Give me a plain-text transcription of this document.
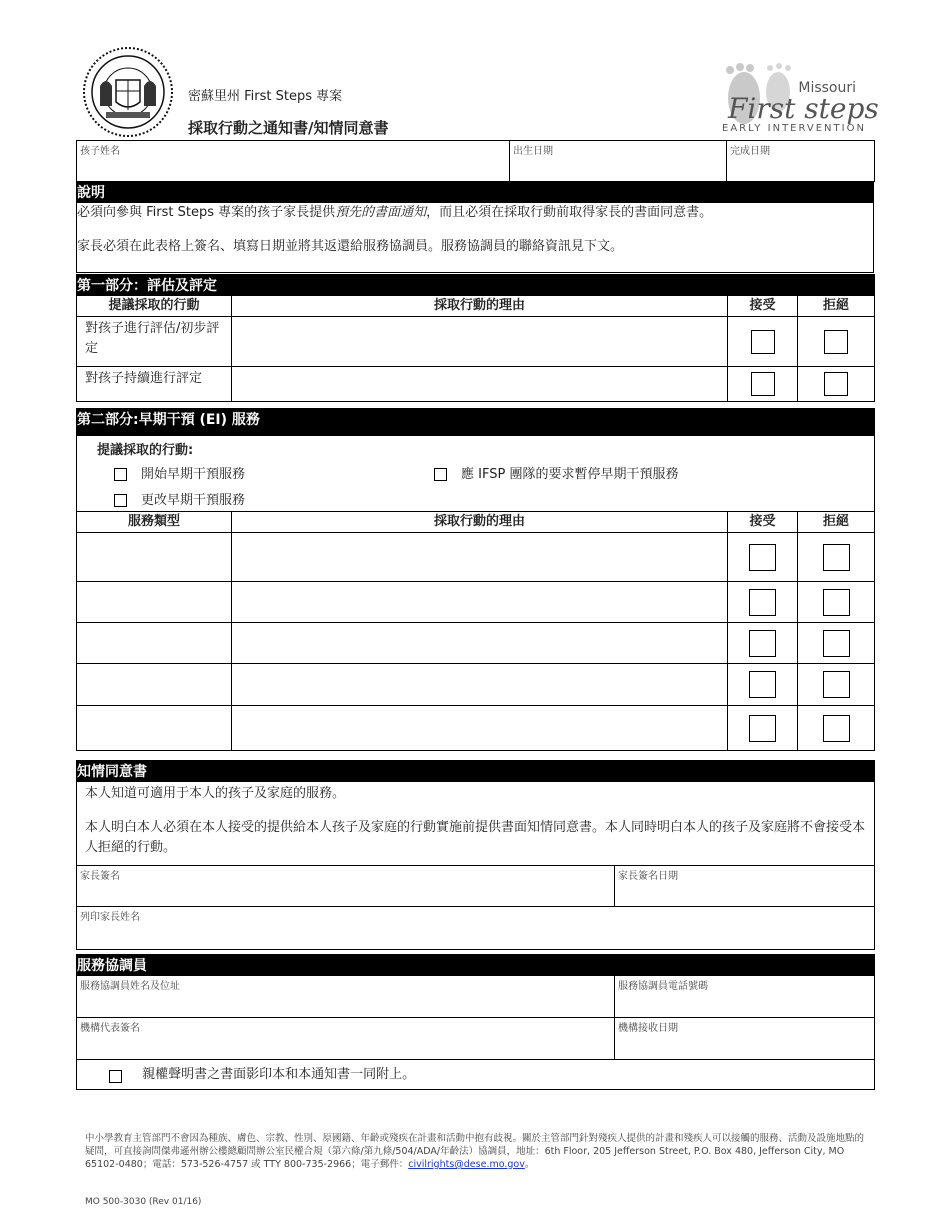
密蘇里州 First Steps 專案
採取行動之通知書/知情同意書
Missouri
First steps
EARLY INTERVENTION
孩子姓名	出生日期	完成日期
說明

必須向參與 First Steps 專案的孩子家長提供預先的書面通知，而且必須在採取行動前取得家長的書面同意書。
家長必須在此表格上簽名、填寫日期並將其返還給服務協調員。服務協調員的聯絡資訊見下文。
第一部分：評估及評定			
提議採取的行動	採取行動的理由	接受	拒絕
對孩子進行評估/初步評定		

對孩子持續進行評定		

第二部分:早期干預 (EI) 服務			

提議採取的行動:
開始早期干預服務
更改早期干預服務
應 IFSP 團隊的要求暫停早期干預服務			

服務類型	採取行動的理由	接受	拒絕

知情同意書

本人知道可適用于本人的孩子及家庭的服務。
本人明白本人必須在本人接受的提供給本人孩子及家庭的行動實施前提供書面知情同意書。本人同時明白本人的孩子及家庭將不會接受本人拒絕的行動。

家長簽名	家長簽名日期

列印家長姓名
服務協調員	

服務協調員姓名及位址	服務協調員電話號碼

機構代表簽名	機構接收日期

親權聲明書之書面影印本和本通知書一同附上。	
中小學教育主管部門不會因為種族、膚色、宗教、性別、原國籍、年齡或殘疾在計畫和活動中抱有歧視。關於主管部門針對殘疾人提供的計畫和殘疾人可以接觸的服務、活動及設施地點的疑問，可直接詢問傑弗遜州辦公樓總顧問辦公室民權合規（第六條/第九條/504/ADA/年齡法）協調員，地址：6th Floor, 205 Jefferson Street, P.O. Box 480, Jefferson City, MO 65102-0480；電話：573-526-4757 或 TTY 800-735-2966；電子郵件：civilrights@dese.mo.gov。
MO 500-3030 (Rev 01/16)
